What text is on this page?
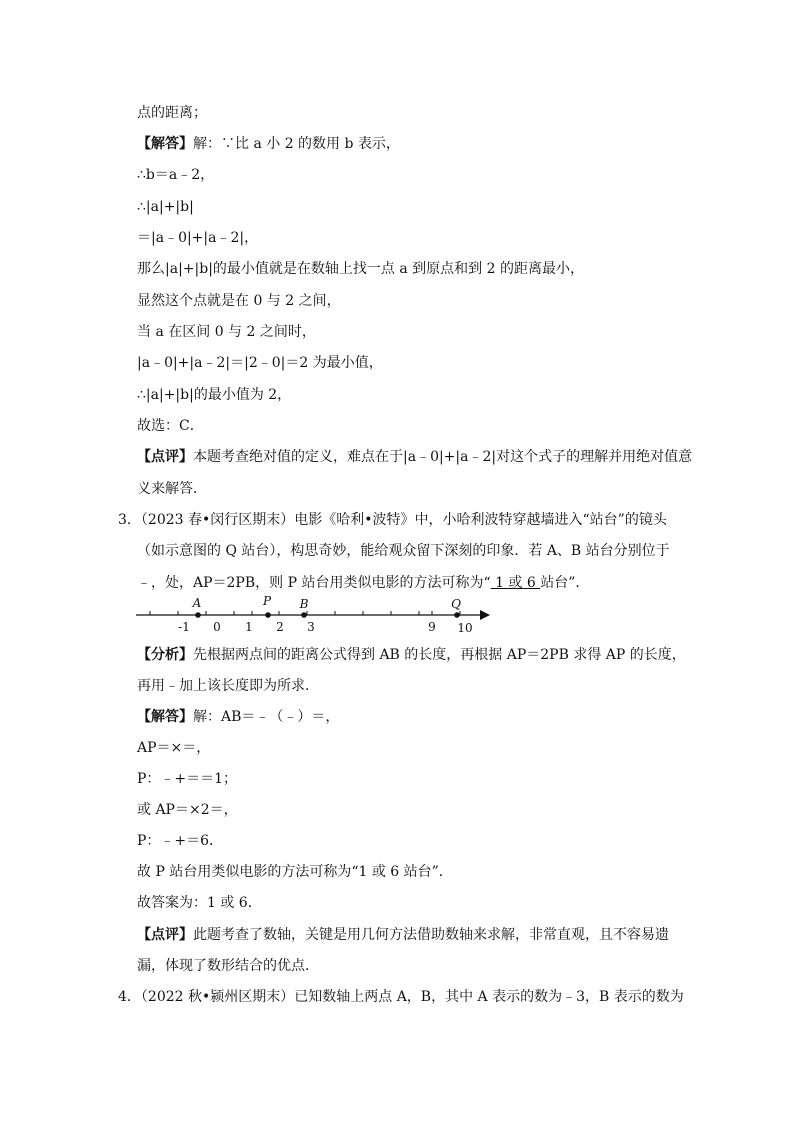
点的距离；
【解答】解：∵比 a 小 2 的数用 b 表示，
∴b＝a﹣2，
∴|a|+|b|
＝|a﹣0|+|a﹣2|，
那么|a|+|b|的最小值就是在数轴上找一点 a 到原点和到 2 的距离最小，
显然这个点就是在 0 与 2 之间，
当 a 在区间 0 与 2 之间时，
|a﹣0|+|a﹣2|＝|2﹣0|＝2 为最小值，
∴|a|+|b|的最小值为 2，
故选：C．
【点评】本题考查绝对值的定义，难点在于|a﹣0|+|a﹣2|对这个式子的理解并用绝对值意
义来解答．
3．（2023 春•闵行区期末）电影《哈利•波特》中，小哈利波特穿越墙进入“站台”的镜头
（如示意图的 Q 站台），构思奇妙，能给观众留下深刻的印象．若 A、B 站台分别位于
﹣，处，AP＝2PB，则 P 站台用类似电影的方法可称为“ 1 或 6 站台”．
A	P B	Q
-1 0 1 2 3	9 10
【分析】先根据两点间的距离公式得到 AB 的长度，再根据 AP＝2PB 求得 AP 的长度，
再用﹣加上该长度即为所求．
【解答】解：AB＝﹣（﹣）＝，
AP＝×＝，
P：﹣+＝＝1；
或 AP＝×2＝，
P：﹣+＝6．
故 P 站台用类似电影的方法可称为“1 或 6 站台”．
故答案为：1 或 6．
【点评】此题考查了数轴，关键是用几何方法借助数轴来求解，非常直观，且不容易遗
漏，体现了数形结合的优点．
4．（2022 秋•颍州区期末）已知数轴上两点 A，B，其中 A 表示的数为﹣3，B 表示的数为
